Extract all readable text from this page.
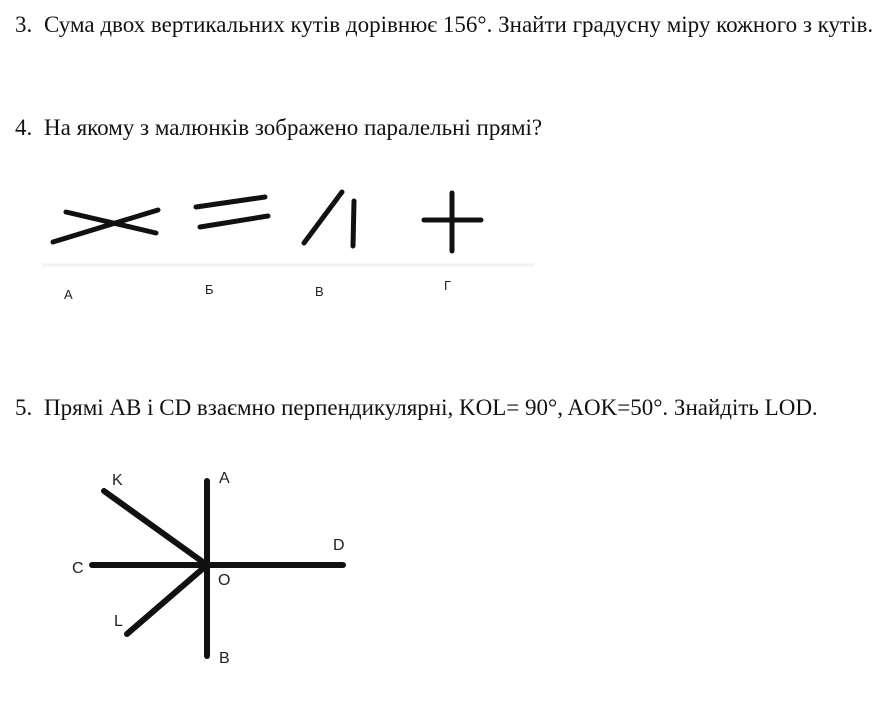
3. Сума двох вертикальних кутів дорівнює 156°. Знайти градусну міру кожного з кутів.
4. На якому з малюнків зображено паралельні прямі?
5. Прямі AB і CD взаємно перпендикулярні, KOL= 90°, AOK=50°. Знайдіть LOD.
А	Б	В	Г
K	A
C
D
O
L
B
